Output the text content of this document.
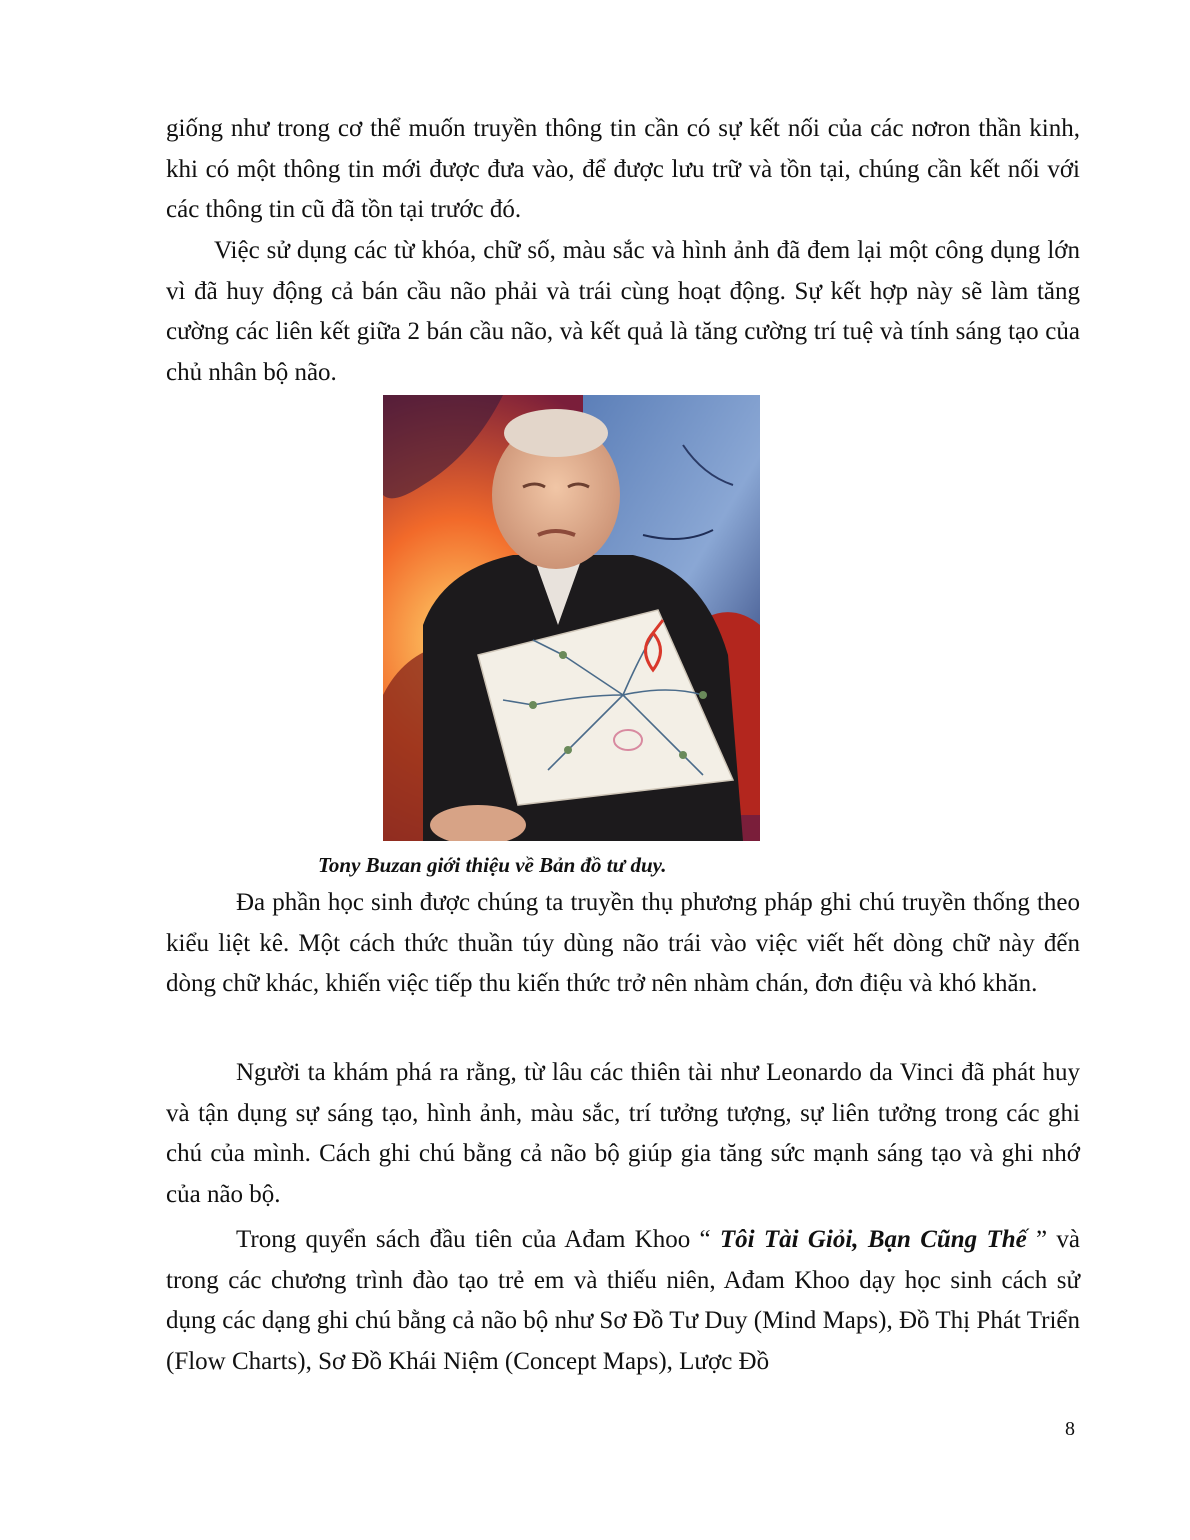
giống như trong cơ thể muốn truyền thông tin cần có sự kết nối của các nơron thần kinh, khi có một thông tin mới được đưa vào, để được lưu trữ và tồn tại, chúng cần kết nối với các thông tin cũ đã tồn tại trước đó.

Việc sử dụng các từ khóa, chữ số, màu sắc và hình ảnh đã đem lại một công dụng lớn vì đã huy động cả bán cầu não phải và trái cùng hoạt động. Sự kết hợp này sẽ làm tăng cường các liên kết giữa 2 bán cầu não, và kết quả là tăng cường trí tuệ và tính sáng tạo của chủ nhân bộ não.

Tony Buzan giới thiệu về Bản đồ tư duy.

Đa phần học sinh được chúng ta truyền thụ phương pháp ghi chú truyền thống theo kiểu liệt kê. Một cách thức thuần túy dùng não trái vào việc viết hết dòng chữ này đến dòng chữ khác, khiến việc tiếp thu kiến thức trở nên nhàm chán, đơn điệu và khó khăn.

Người ta khám phá ra rằng, từ lâu các thiên tài như Leonardo da Vinci đã phát huy và tận dụng sự sáng tạo, hình ảnh, màu sắc, trí tưởng tượng, sự liên tưởng trong các ghi chú của mình. Cách ghi chú bằng cả não bộ giúp gia tăng sức mạnh sáng tạo và ghi nhớ của não bộ.

Trong quyển sách đầu tiên của Ađam Khoo “ Tôi Tài Giỏi, Bạn Cũng Thế ” và trong các chương trình đào tạo trẻ em và thiếu niên, Ađam Khoo dạy học sinh cách sử dụng các dạng ghi chú bằng cả não bộ như Sơ Đồ Tư Duy (Mind Maps), Đồ Thị Phát Triển (Flow Charts), Sơ Đồ Khái Niệm (Concept Maps), Lược Đồ

8
